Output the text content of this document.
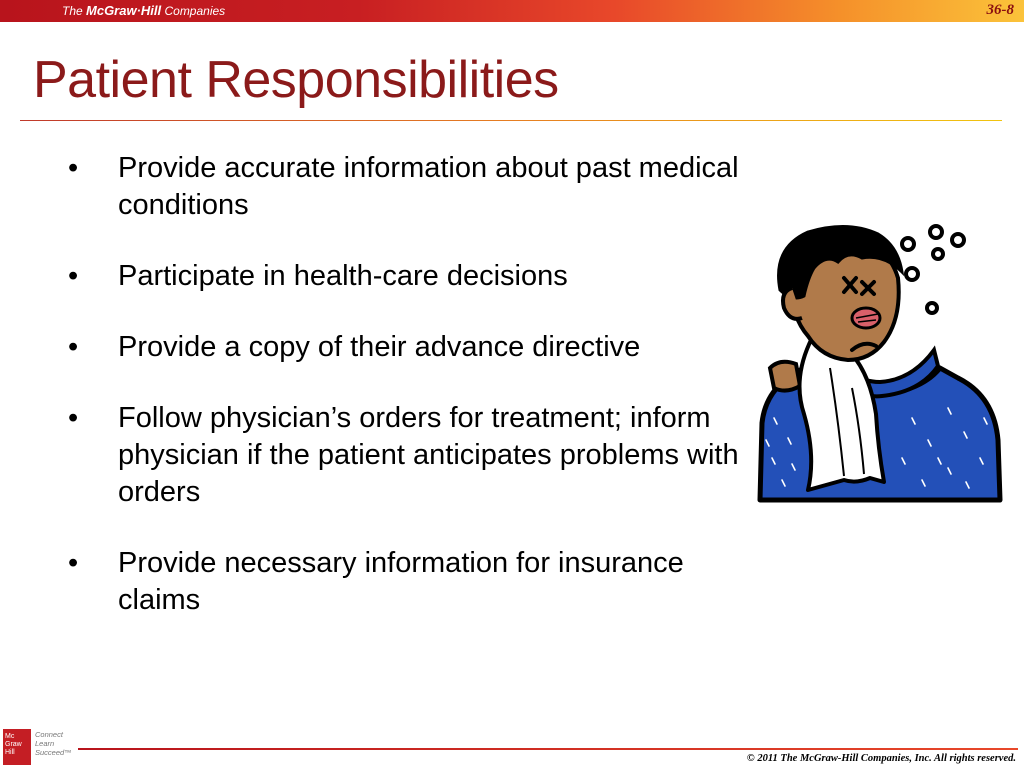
The McGraw·Hill Companies	36-8
Patient Responsibilities
• Provide accurate information about past medical conditions
• Participate in health-care decisions
• Provide a copy of their advance directive
• Follow physician’s orders for treatment; inform physician if the patient anticipates problems with orders
• Provide necessary information for insurance claims
Mc
Graw
Hill
Connect
Learn
Succeed™
© 2011 The McGraw-Hill Companies, Inc. All rights reserved.
